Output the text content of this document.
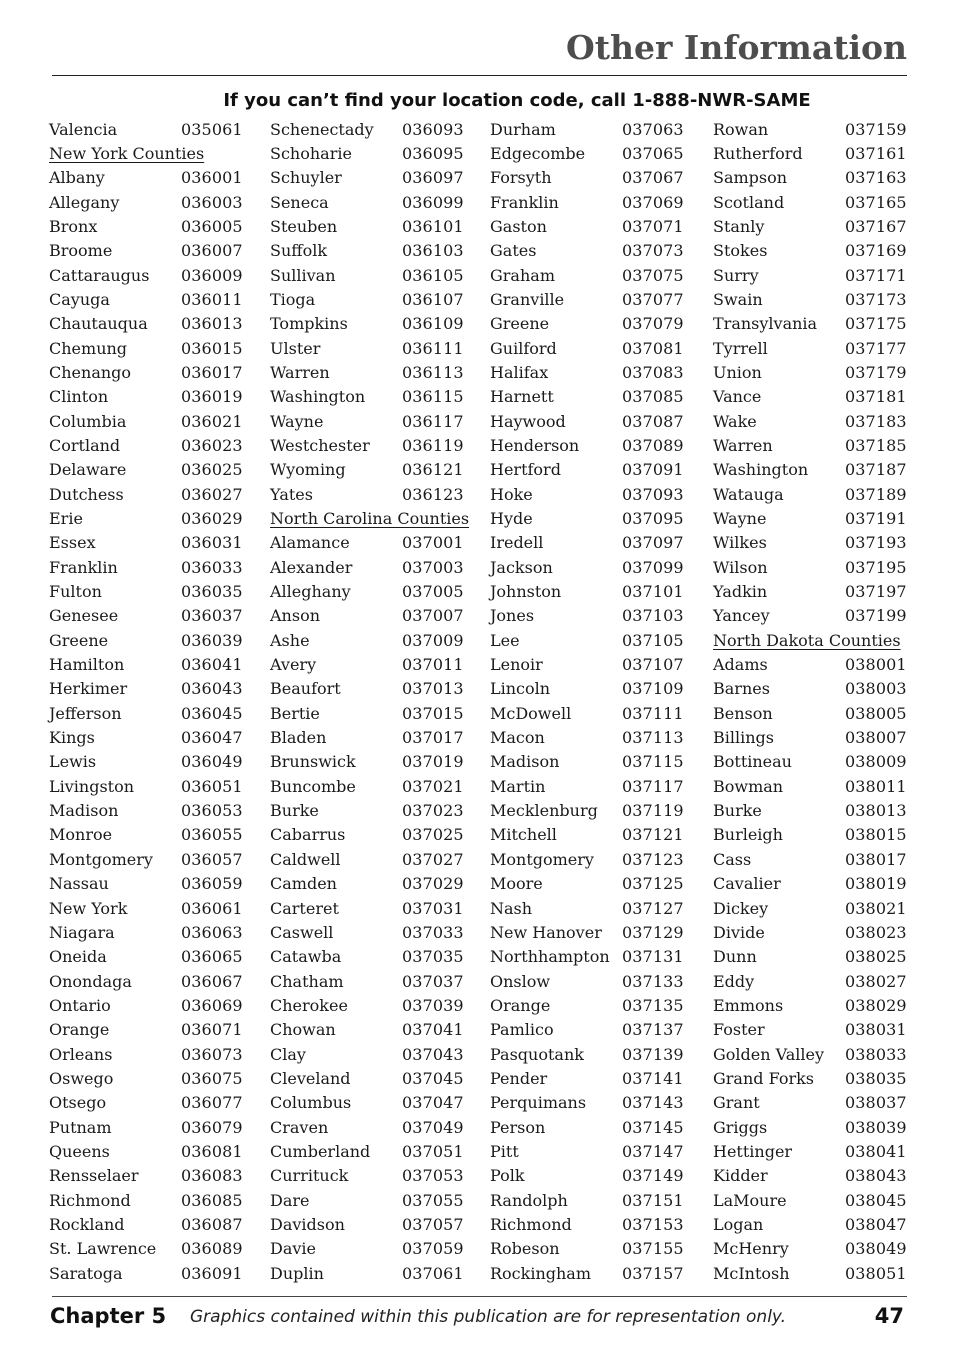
Other Information
If you can’t find your location code, call 1-888-NWR-SAME
Valencia	035061
New York Counties
Albany	036001
Allegany	036003
Bronx	036005
Broome	036007
Cattaraugus 036009
Cayuga	036011
Chautauqua 036013
Chemung	036015
Chenango	036017
Clinton	036019
Columbia	036021
Cortland	036023
Delaware	036025
Dutchess	036027
Erie	036029
Essex	036031
Franklin	036033
Fulton	036035
Genesee	036037
Greene	036039
Hamilton	036041
Herkimer	036043
Jefferson	036045
Kings	036047
Lewis	036049
Livingston	036051
Madison	036053
Monroe	036055
Montgomery 036057
Nassau	036059
New York	036061
Niagara	036063
Oneida	036065
Onondaga	036067
Ontario	036069
Orange	036071
Orleans	036073
Oswego	036075
Otsego	036077
Putnam	036079
Queens	036081
Rensselaer	036083
Richmond	036085
Rockland	036087
St. Lawrence 036089
Saratoga	036091
Schenectady 036093
Schoharie	036095
Schuyler	036097
Seneca	036099
Steuben	036101
Suffolk	036103
Sullivan	036105
Tioga	036107
Tompkins	036109
Ulster	036111
Warren	036113
Washington 036115
Wayne	036117
Westchester 036119
Wyoming	036121
Yates	036123
North Carolina Counties
Alamance	037001
Alexander	037003
Alleghany	037005
Anson	037007
Ashe	037009
Avery	037011
Beaufort	037013
Bertie	037015
Bladen	037017
Brunswick	037019
Buncombe	037021
Burke	037023
Cabarrus	037025
Caldwell	037027
Camden	037029
Carteret	037031
Caswell	037033
Catawba	037035
Chatham	037037
Cherokee	037039
Chowan	037041
Clay	037043
Cleveland	037045
Columbus	037047
Craven	037049
Cumberland 037051
Currituck	037053
Dare	037055
Davidson	037057
Davie	037059
Duplin	037061
Durham	037063
Edgecombe 037065
Forsyth	037067
Franklin	037069
Gaston	037071
Gates	037073
Graham	037075
Granville	037077
Greene	037079
Guilford	037081
Halifax	037083
Harnett	037085
Haywood	037087
Henderson	037089
Hertford	037091
Hoke	037093
Hyde	037095
Iredell	037097
Jackson	037099
Johnston	037101
Jones	037103
Lee	037105
Lenoir	037107
Lincoln	037109
McDowell	037111
Macon	037113
Madison	037115
Martin	037117
Mecklenburg 037119
Mitchell	037121
Montgomery 037123
Moore	037125
Nash	037127
New Hanover 037129
Northhampton 037131
Onslow	037133
Orange	037135
Pamlico	037137
Pasquotank 037139
Pender	037141
Perquimans 037143
Person	037145
Pitt	037147
Polk	037149
Randolph	037151
Richmond	037153
Robeson	037155
Rockingham 037157
Rowan	037159
Rutherford	037161
Sampson	037163
Scotland	037165
Stanly	037167
Stokes	037169
Surry	037171
Swain	037173
Transylvania 037175
Tyrrell	037177
Union	037179
Vance	037181
Wake	037183
Warren	037185
Washington 037187
Watauga	037189
Wayne	037191
Wilkes	037193
Wilson	037195
Yadkin	037197
Yancey	037199
North Dakota Counties
Adams	038001
Barnes	038003
Benson	038005
Billings	038007
Bottineau	038009
Bowman	038011
Burke	038013
Burleigh	038015
Cass	038017
Cavalier	038019
Dickey	038021
Divide	038023
Dunn	038025
Eddy	038027
Emmons	038029
Foster	038031
Golden Valley 038033
Grand Forks 038035
Grant	038037
Griggs	038039
Hettinger	038041
Kidder	038043
LaMoure	038045
Logan	038047
McHenry	038049
McIntosh	038051
Chapter 5 Graphics contained within this publication are for representation only.	47
